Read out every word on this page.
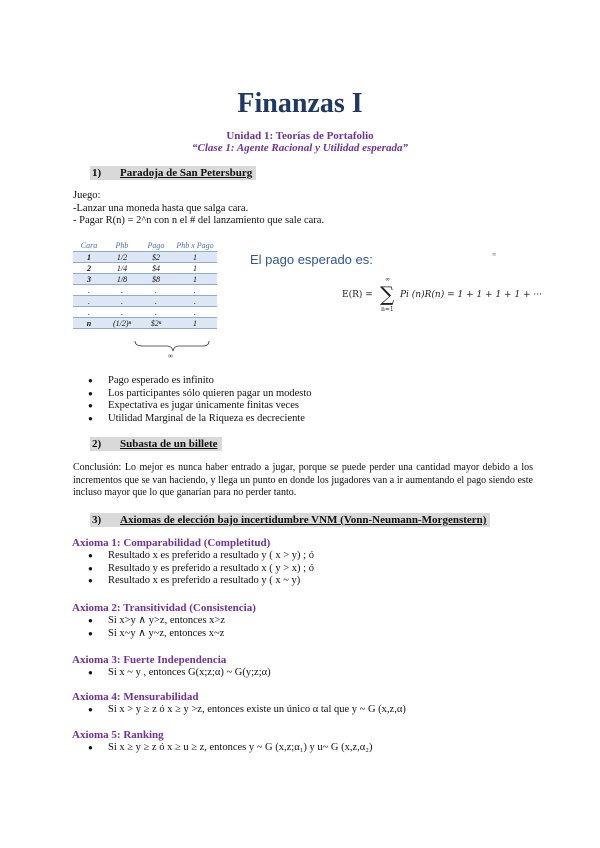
Finanzas I
Unidad 1: Teorías de Portafolio
“Clase 1: Agente Racional y Utilidad esperada”
1) Paradoja de San Petersburg
Juego:
-Lanzar una moneda hasta que salga cara.
- Pagar R(n) = 2^n con n el # del lanzamiento que sale cara.
Cara	Phb	Pago	Phb x Pago
1	1/2	$2	1
2	1/4	$4	1
3	1/8	$8	1
.	.	.	.
.	.	.	.
.	.	.	.
n	(1/2)ⁿ	$2ⁿ	1
∞
El pago esperado es:	∞
E(R) =
∞
∑
n=1
Pi (n)R(n) = 1 + 1 + 1 + 1 + ···
● Pago esperado es infinito
● Los participantes sólo quieren pagar un modesto
● Expectativa es jugar únicamente finitas veces
● Utilidad Marginal de la Riqueza es decreciente
2) Subasta de un billete
Conclusión: Lo mejor es nunca haber entrado a jugar, porque se puede perder una cantidad mayor debido a los incrementos que se van haciendo, y llega un punto en donde los jugadores van a ir aumentando el pago siendo este incluso mayor que lo que ganarían para no perder tanto.
3) Axiomas de elección bajo incertidumbre VNM (Vonn-Neumann-Morgenstern)
Axioma 1: Comparabilidad (Completitud)
● Resultado x es preferido a resultado y ( x > y) ; ó
● Resultado y es preferido a resultado x ( y > x) ; ó
● Resultado x es preferido a resultado y ( x ~ y)
Axioma 2: Transitividad (Consistencia)
● Si x>y ∧ y>z, entonces x>z
● Si x~y ∧ y~z, entonces x~z
Axioma 3: Fuerte Independencia
● Si x ~ y , entonces G(x;z;α) ~ G(y;z;α)
Axioma 4: Mensurabilidad
● Si x > y ≥ z ó x ≥ y >z, entonces existe un único α tal que y ~ G (x,z,α)
Axioma 5: Ranking
● Si x ≥ y ≥ z ó x ≥ u ≥ z, entonces y ~ G (x,z;α₁) y u~ G (x,z,α₂)
